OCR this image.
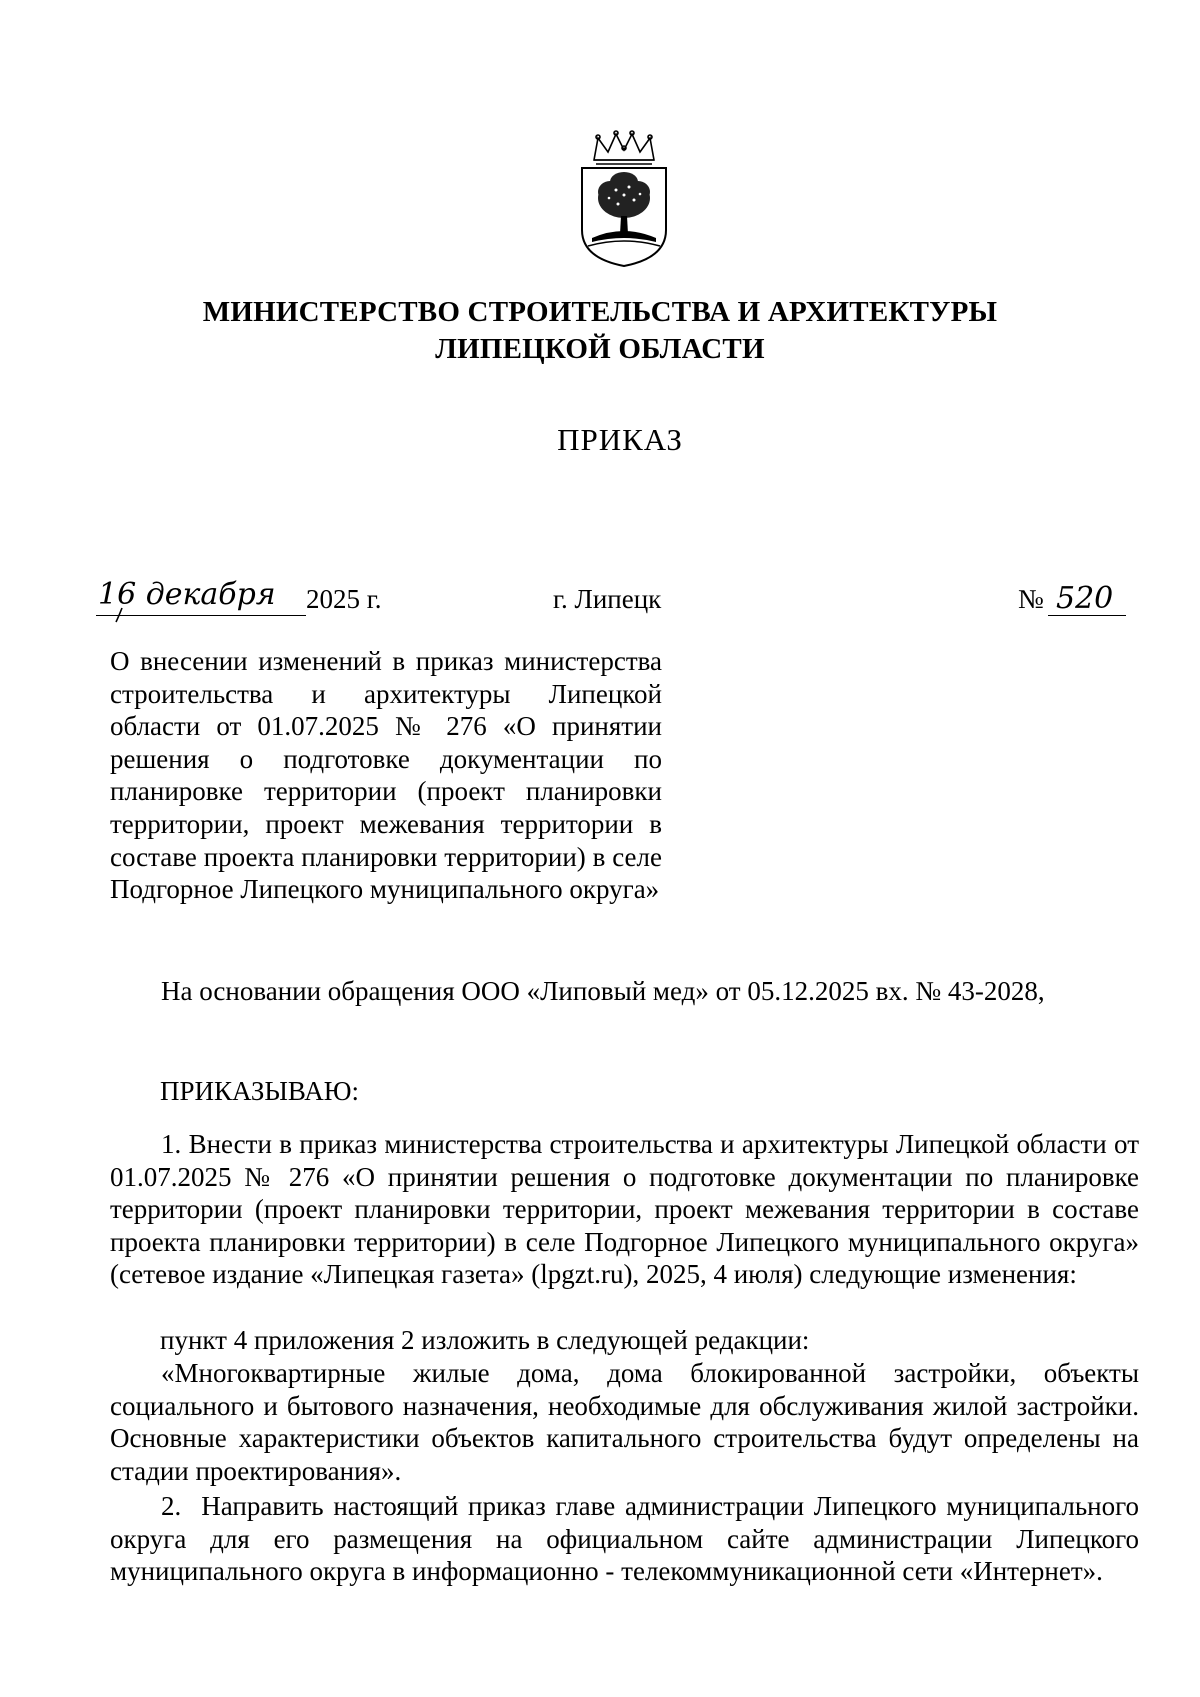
МИНИСТЕРСТВО СТРОИТЕЛЬСТВА И АРХИТЕКТУРЫ
ЛИПЕЦКОЙ ОБЛАСТИ
ПРИКАЗ
16 декабря 2025 г.	г. Липецк	№ 520
О внесении изменений в приказ министерства строительства и архитектуры Липецкой области от 01.07.2025 № 276 «О принятии решения о подготовке документации по планировке территории (проект планировки территории, проект межевания территории в составе проекта планировки территории) в селе Подгорное Липецкого муниципального округа»
На основании обращения ООО «Липовый мед» от 05.12.2025 вх. № 43-2028,
ПРИКАЗЫВАЮ:
1. Внести в приказ министерства строительства и архитектуры Липецкой области от 01.07.2025 № 276 «О принятии решения о подготовке документации по планировке территории (проект планировки территории, проект межевания территории в составе проекта планировки территории) в селе Подгорное Липецкого муниципального округа» (сетевое издание «Липецкая газета» (lpgzt.ru), 2025, 4 июля) следующие изменения:
пункт 4 приложения 2 изложить в следующей редакции:
«Многоквартирные жилые дома, дома блокированной застройки, объекты социального и бытового назначения, необходимые для обслуживания жилой застройки. Основные характеристики объектов капитального строительства будут определены на стадии проектирования».
2. Направить настоящий приказ главе администрации Липецкого муниципального округа для его размещения на официальном сайте администрации Липецкого муниципального округа в информационно - телекоммуникационной сети «Интернет».
